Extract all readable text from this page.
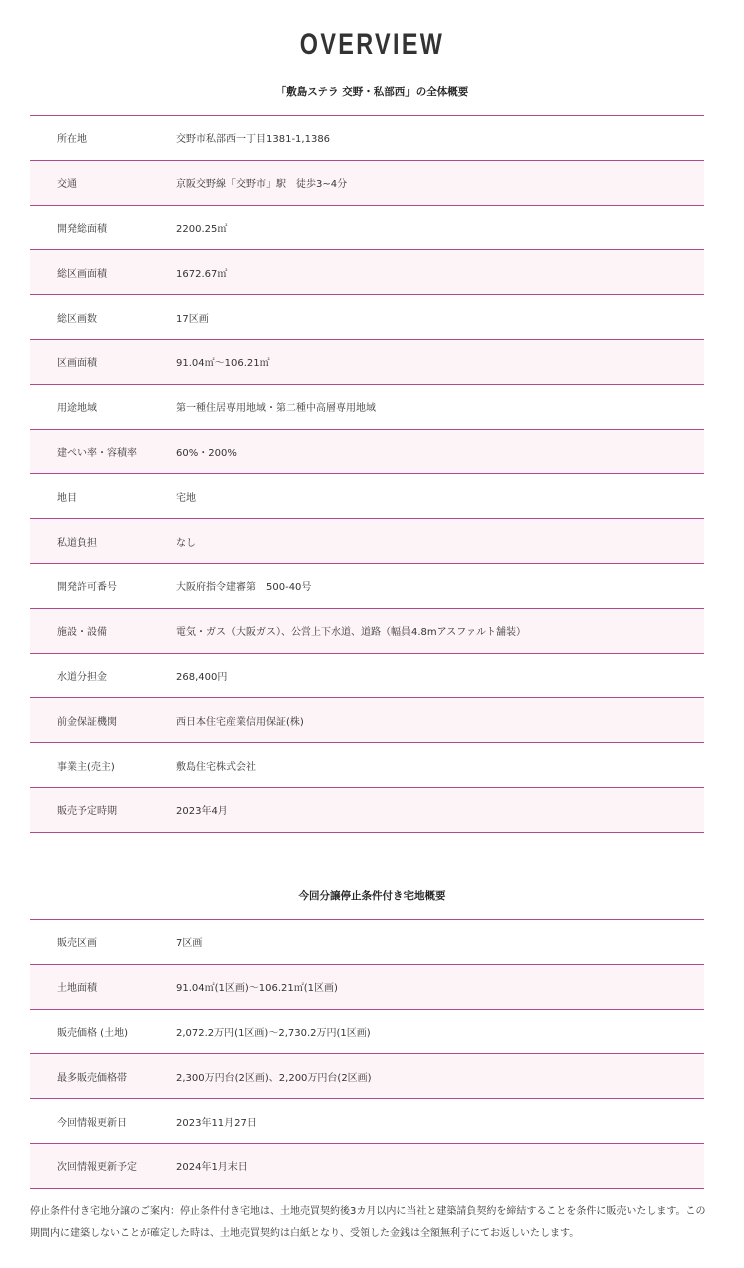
OVERVIEW
「敷島ステラ 交野・私部西」の全体概要
所在地	交野市私部西一丁目1381-1,1386
交通	京阪交野線「交野市」駅　徒歩3~4分
開発総面積	2200.25㎡
総区画面積	1672.67㎡
総区画数	17区画
区画面積	91.04㎡〜106.21㎡
用途地域	第一種住居専用地域・第二種中高層専用地域
建ぺい率・容積率	60%・200%
地目	宅地
私道負担	なし
開発許可番号	大阪府指令建審第　500-40号
施設・設備	電気・ガス（大阪ガス）、公営上下水道、道路（幅員4.8mアスファルト舗装）
水道分担金	268,400円
前金保証機関	西日本住宅産業信用保証(株)
事業主(売主)	敷島住宅株式会社
販売予定時期	2023年4月
今回分譲停止条件付き宅地概要
販売区画	7区画
土地面積	91.04㎡(1区画)〜106.21㎡(1区画)
販売価格 (土地)	2,072.2万円(1区画)〜2,730.2万円(1区画)
最多販売価格帯	2,300万円台(2区画)、2,200万円台(2区画)
今回情報更新日	2023年11月27日
次回情報更新予定	2024年1月末日

停止条件付き宅地分譲のご案内：停止条件付き宅地は、土地売買契約後3カ月以内に当社と建築請負契約を締結することを条件に販売いたします。この期間内に建築しないことが確定した時は、土地売買契約は白紙となり、受領した金銭は全額無利子にてお返しいたします。
